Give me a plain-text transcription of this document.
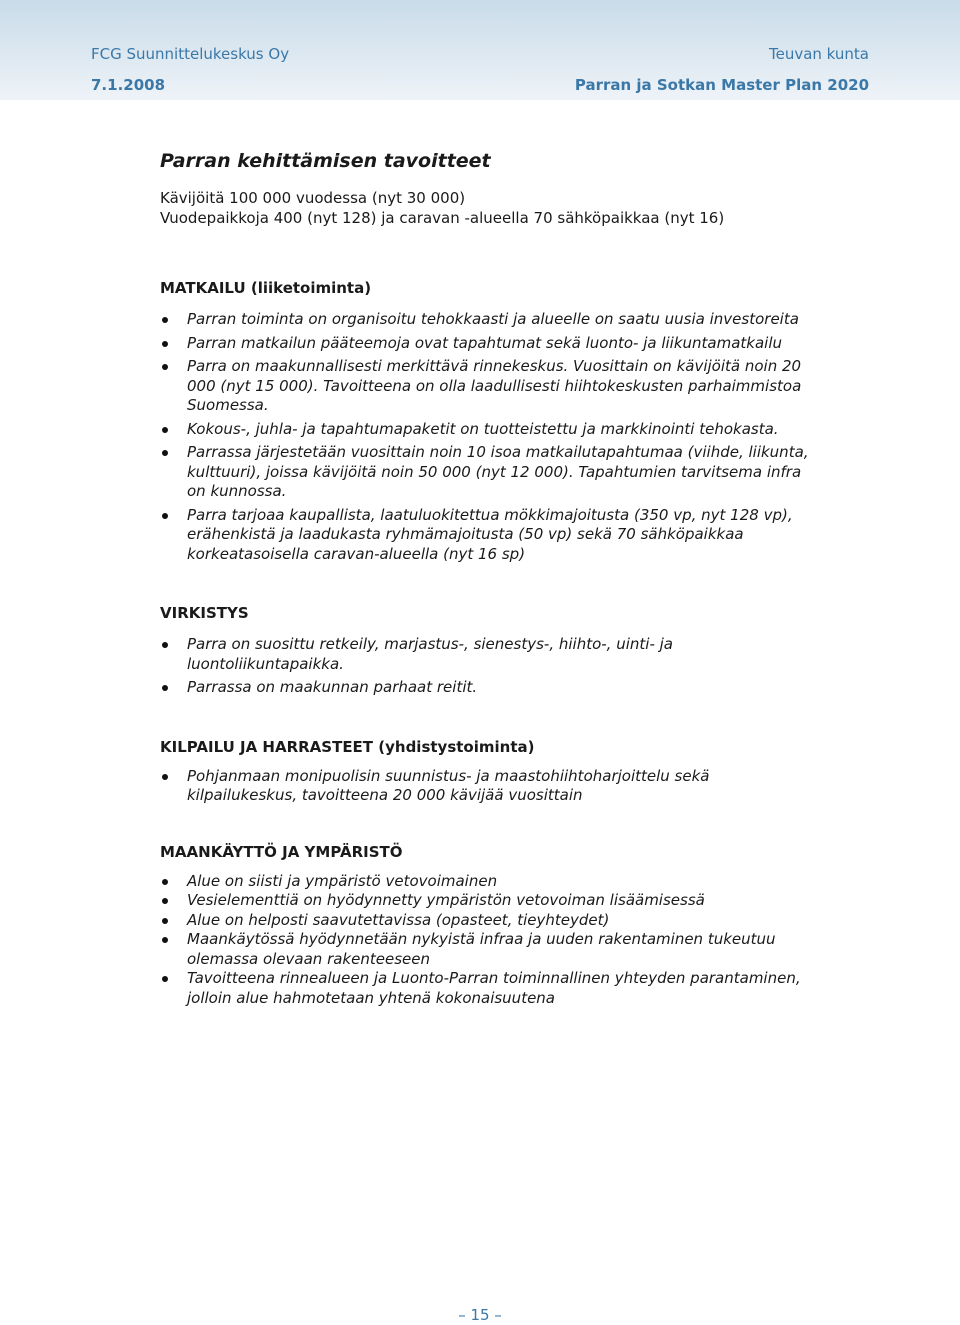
FCG Suunnittelukeskus Oy
7.1.2008
Teuvan kunta
Parran ja Sotkan Master Plan 2020
Parran kehittämisen tavoitteet

Kävijöitä 100 000 vuodessa (nyt 30 000)

Vuodepaikkoja 400 (nyt 128) ja caravan -alueella 70 sähköpaikkaa (nyt 16)

MATKAILU (liiketoiminta)
Parran toiminta on organisoitu tehokkaasti ja alueelle on saatu uusia investoreita
Parran matkailun pääteemoja ovat tapahtumat sekä luonto- ja liikuntamatkailu
Parra on maakunnallisesti merkittävä rinnekeskus. Vuosittain on kävijöitä noin 20 000 (nyt 15 000). Tavoitteena on olla laadullisesti hiihtokeskusten parhaimmistoa Suomessa.
Kokous-, juhla- ja tapahtumapaketit on tuotteistettu ja markkinointi tehokasta.
Parrassa järjestetään vuosittain noin 10 isoa matkailutapahtumaa (viihde, liikunta, kulttuuri), joissa kävijöitä noin 50 000 (nyt 12 000). Tapahtumien tarvitsema infra on kunnossa.
Parra tarjoaa kaupallista, laatuluokitettua mökkimajoitusta (350 vp, nyt 128 vp), erähenkistä ja laadukasta ryhmämajoitusta (50 vp) sekä 70 sähköpaikkaa korkeatasoisella caravan-alueella (nyt 16 sp)
VIRKISTYS
Parra on suosittu retkeily, marjastus-, sienestys-, hiihto-, uinti- ja luontoliikuntapaikka.
Parrassa on maakunnan parhaat reitit.
KILPAILU JA HARRASTEET (yhdistystoiminta)
Pohjanmaan monipuolisin suunnistus- ja maastohiihtoharjoittelu sekä kilpailukeskus, tavoitteena 20 000 kävijää vuosittain
MAANKÄYTTÖ JA YMPÄRISTÖ
Alue on siisti ja ympäristö vetovoimainen
Vesielementtiä on hyödynnetty ympäristön vetovoiman lisäämisessä
Alue on helposti saavutettavissa (opasteet, tieyhteydet)
Maankäytössä hyödynnetään nykyistä infraa ja uuden rakentaminen tukeutuu olemassa olevaan rakenteeseen
Tavoitteena rinnealueen ja Luonto-Parran toiminnallinen yhteyden parantaminen, jolloin alue hahmotetaan yhtenä kokonaisuutena
– 15 –
